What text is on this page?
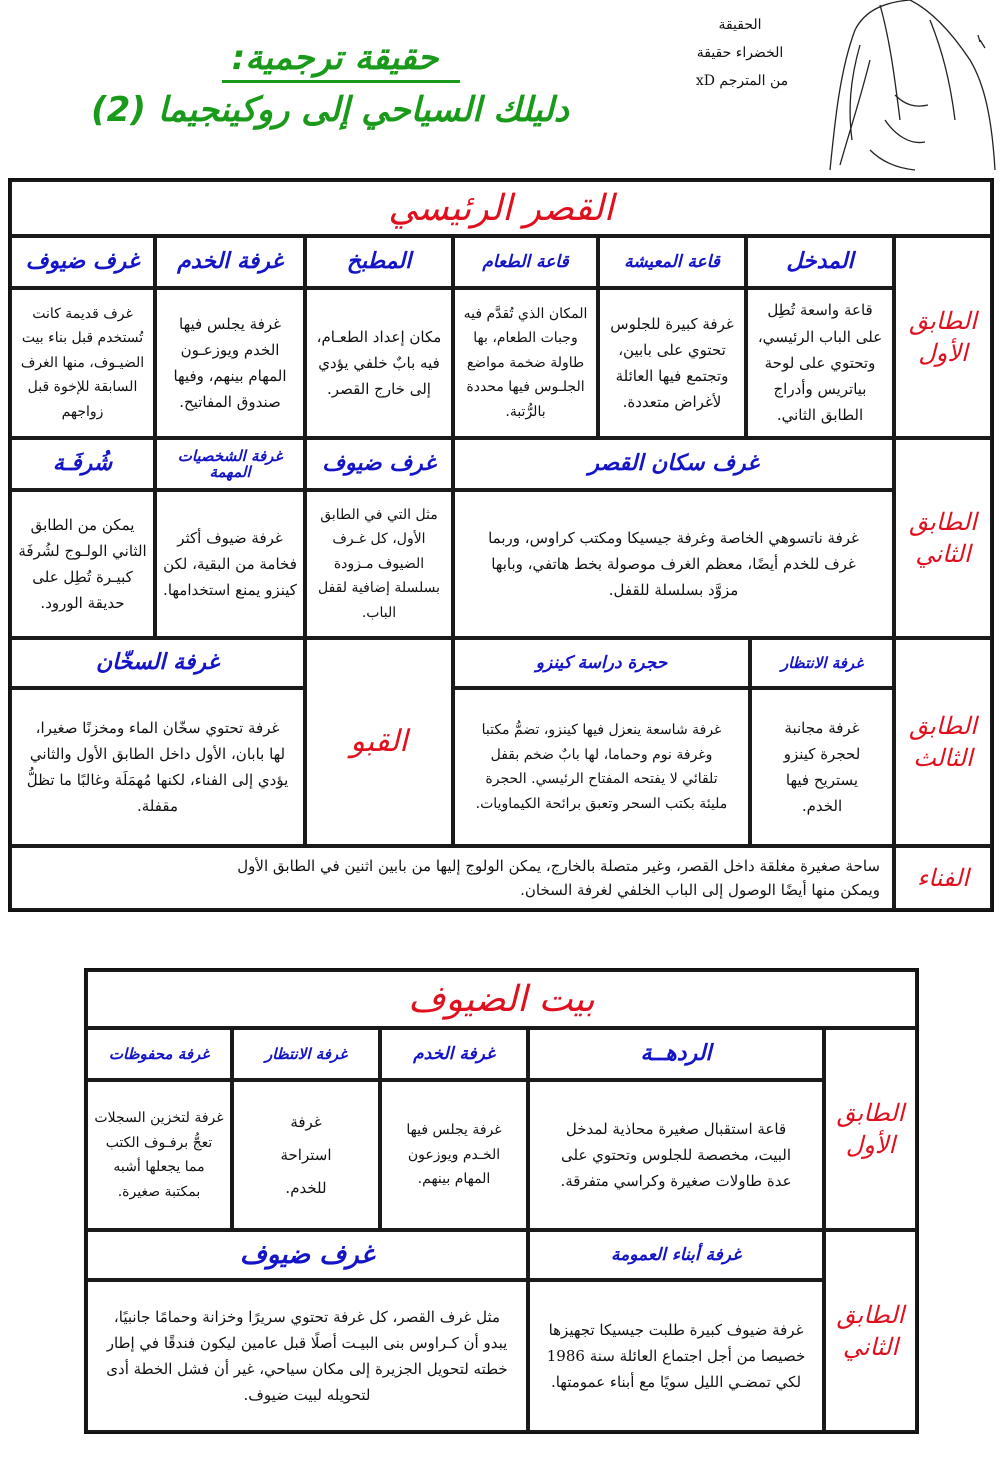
حقيقة ترجمية:
دليلك السياحي إلى روكينجيما (2)
الحقيقة
الخضراء حقيقة
من المترجم xD
القصر الرئيسي
الطابق الأول
المدخل
قاعة المعيشة
قاعة الطعام
المطبخ
غرفة الخدم
غرف ضيوف
قاعة واسعة تُطِل على الباب الرئيسي، وتحتوي على لوحة بياتريس وأدراج الطابق الثاني.
غرفة كبيرة للجلوس تحتوي على بابين، وتجتمع فيها العائلة لأغراض متعددة.
المكان الذي تُقدَّم فيه وجبات الطعام، بها طاولة ضخمة مواضع الجلـوس فيها محددة بالرُّتبة.
مكان إعداد الطعـام، فيه بابٌ خلفي يؤدي إلى خارج القصر.
غرفة يجلس فيها الخدم ويوزعـون المهام بينهم، وفيها صندوق المفاتيح.
غرف قديمة كانت تُستخدم قبل بناء بيت الضيـوف، منها الغرف السابقة للإخوة قبل زواجهم
الطابق الثاني
غرف سكان القصر
غرف ضيوف
غرفة الشخصيات المهمة
شُرفَـة
غرفة ناتسوهي الخاصة وغرفة جيسيكا ومكتب كراوس، وربما غرف للخدم أيضًا، معظم الغرف موصولة بخط هاتفي، وبابها مزوَّد بسلسلة للقفل.
مثل التي في الطابق الأول، كل غـرف الضيوف مـزودة بسلسلة إضافية لقفل الباب.
غرفة ضيوف أكثر فخامة من البقية، لكن كينزو يمنع استخدامها.
يمكن من الطابق الثاني الولـوج لشُرفَة كبيـرة تُطِل على حديقة الورود.
الطابق الثالث
غرفة الانتظار
حجرة دراسة كينزو
القبو
غرفة السخّان
غرفة مجانبة لحجرة كينزو يستريح فيها الخدم.
غرفة شاسعة ينعزل فيها كينزو، تضمُّ مكتبا وغرفة نوم وحماما، لها بابٌ ضخم بقفل تلقائي لا يفتحه المفتاح الرئيسي. الحجرة مليئة بكتب السحر وتعبق برائحة الكيماويات.
غرفة تحتوي سخّان الماء ومخزنًا صغيرا، لها بابان، الأول داخل الطابق الأول والثاني يؤدي إلى الفناء، لكنها مُهمَلَة وغالبًا ما تظلُّ مقفلة.
الفناء
ساحة صغيرة مغلقة داخل القصر، وغير متصلة بالخارج، يمكن الولوج إليها من بابين اثنين في الطابق الأول
ويمكن منها أيضًا الوصول إلى الباب الخلفي لغرفة السخان.
بيت الضيوف
الطابق الأول
الردهــة
غرفة الخدم
غرفة الانتظار
غرفة محفوظات
قاعة استقبال صغيرة محاذية لمدخل البيت، مخصصة للجلوس وتحتوي على عدة طاولات صغيرة وكراسي متفرقة.
غرفة يجلس فيها الخـدم ويوزعون المهام بينهم.
غرفة استراحة للخدم.
غرفة لتخزين السجلات تعجُّ برفـوف الكتب مما يجعلها أشبه بمكتبة صغيرة.
الطابق الثاني
غرفة أبناء العمومة
غرف ضيوف
غرفة ضيوف كبيرة طلبت جيسيكا تجهيزها خصيصا من أجل اجتماع العائلة سنة 1986 لكي تمضـي الليل سويًا مع أبناء عمومتها.
مثل غرف القصر، كل غرفة تحتوي سريرًا وخزانة وحمامًا جانبيًا، يبدو أن كـراوس بنى البيـت أصلًا قبل عامين ليكون فندقًا في إطار خطته لتحويل الجزيرة إلى مكان سياحي، غير أن فشل الخطة أدى لتحويله لبيت ضيوف.
